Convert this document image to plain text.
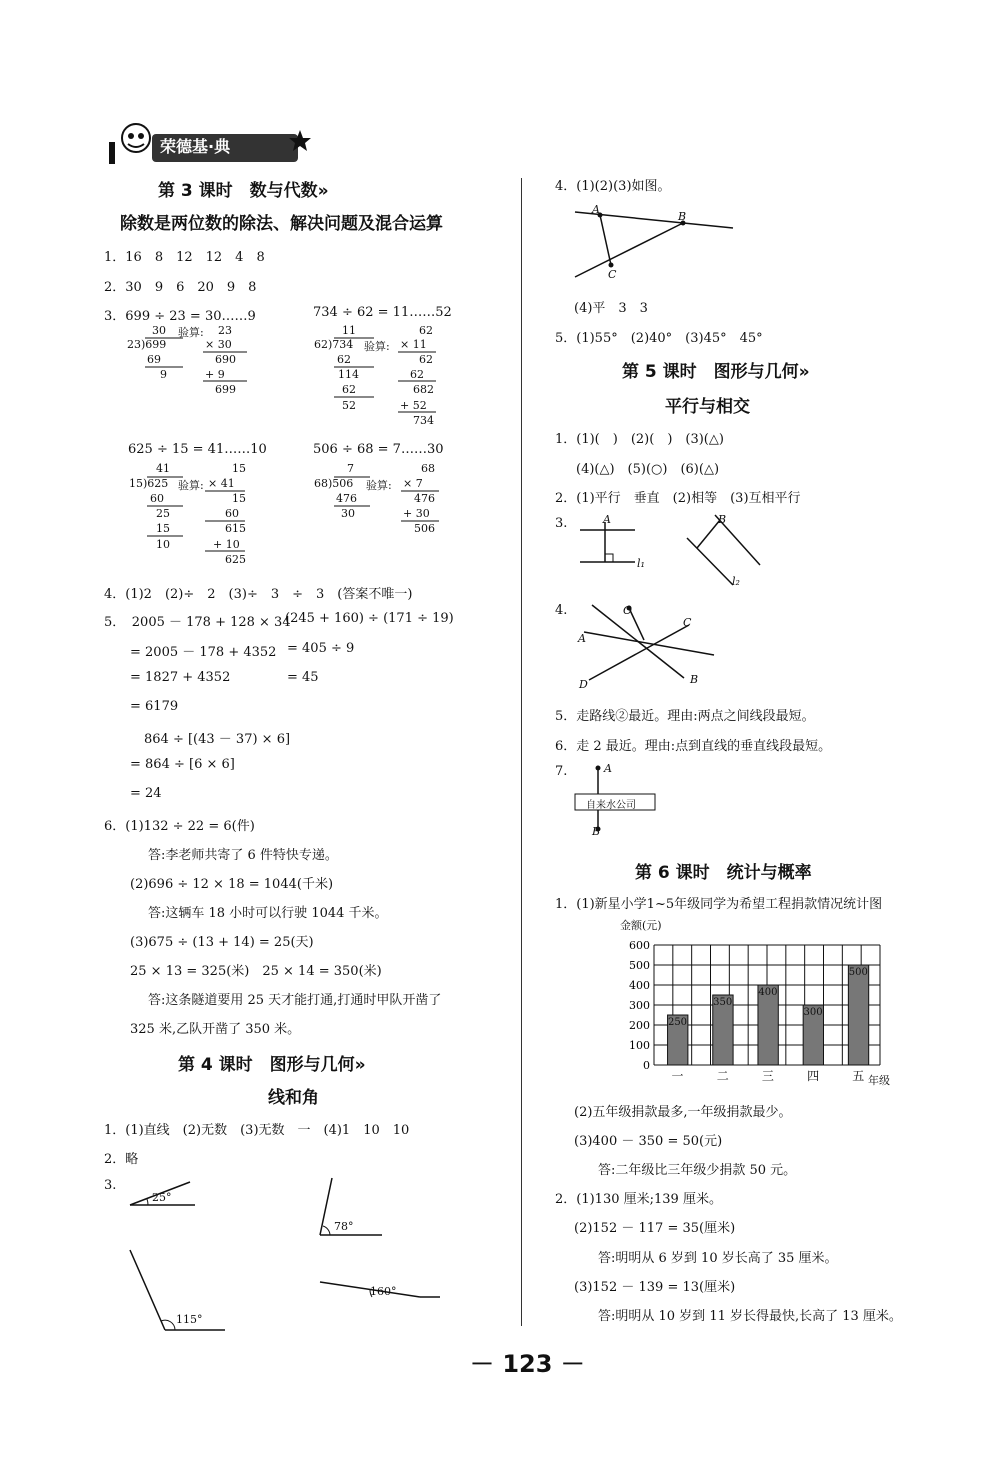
荣德基·典
第 3 课时　数与代数»
除数是两位数的除法、解决问题及混合运算
1．16　8　12　12　4　8
2．30　9　6　20　9　8
3．699 ÷ 23 = 30……9	734 ÷ 62 = 11……52
30
23)699
69
9
验算: 23
× 30
690
+ 9
699
11
62)734
62
114
62
52
验算:
62
× 11
62
62
682
+ 52
734
625 ÷ 15 = 41……10	506 ÷ 68 = 7……30
41
15)625
60
25
15
10
验算:
15
× 41
15
60
615
+ 10
625
7
68)506
476
30
验算:
68
× 7
476
+ 30
506
4．(1)2　(2)÷　2　(3)÷　3　÷　3　(答案不唯一)
5．　2005 － 178 + 128 × 34
(245 + 160) ÷ (171 ÷ 19)
= 2005 － 178 + 4352 = 405 ÷ 9
= 1827 + 4352	= 45
= 6179
864 ÷ [(43 － 37) × 6]
= 864 ÷ [6 × 6]
= 24
6．(1)132 ÷ 22 = 6(件)
答:李老师共寄了 6 件特快专递。
(2)696 ÷ 12 × 18 = 1044(千米)
答:这辆车 18 小时可以行驶 1044 千米。
(3)675 ÷ (13 + 14) = 25(天)
25 × 13 = 325(米)　25 × 14 = 350(米)
答:这条隧道要用 25 天才能打通,打通时甲队开凿了
325 米,乙队开凿了 350 米。
第 4 课时　图形与几何»
线和角
1．(1)直线　(2)无数　(3)无数　一　(4)1　10　10
2．略
3.
25°
78°
115°
160°
4．(1)(2)(3)如图。
A
B
C
(4)平　3　3
5．(1)55°　(2)40°　(3)45°　45°
第 5 课时　图形与几何»
平行与相交
1．(1)(　)　(2)(　)　(3)(△)
(4)(△)　(5)(○)　(6)(△)
2．(1)平行　垂直　(2)相等　(3)互相平行
3.	A
l₁
B
l₂
4.	O
C
A
D	B
5．走路线②最近。理由:两点之间线段最短。
6．走 2 最近。理由:点到直线的垂直线段最短。
7.
自来水公司
A
B
第 6 课时　统计与概率
1．(1)新星小学1~5年级同学为希望工程捐款情况统计图
金额(元)
年级
0
100
200
300
400
500
600
250
一
350
二
400
三
300
四
500
五
(2)五年级捐款最多,一年级捐款最少。
(3)400 － 350 = 50(元)
答:二年级比三年级少捐款 50 元。
2．(1)130 厘米;139 厘米。
(2)152 － 117 = 35(厘米)
答:明明从 6 岁到 10 岁长高了 35 厘米。
(3)152 － 139 = 13(厘米)
答:明明从 10 岁到 11 岁长得最快,长高了 13 厘米。
－ 123 －
